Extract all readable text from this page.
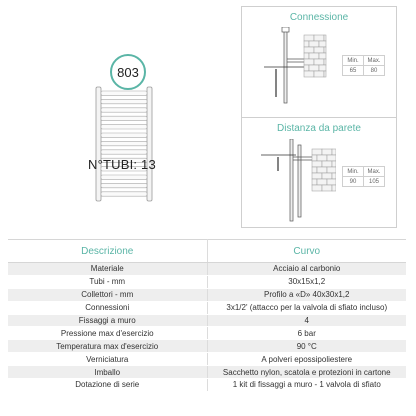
803
N°TUBI: 13
Connessione
Min.	Max.
65	80
Distanza da parete
Min.	Max.
90	105
Descrizione	Curvo
Materiale	Acciaio al carbonio
Tubi - mm	30x15x1,2
Collettori - mm	Profilo a «D» 40x30x1,2
Connessioni	3x1/2' (attacco per la valvola di sfiato incluso)
Fissaggi a muro	4
Pressione max d'esercizio	6 bar
Temperatura max d'esercizio	90 °C
Verniciatura	A polveri epossipoliestere
Imballo	Sacchetto nylon, scatola e protezioni in cartone
Dotazione di serie	1 kit di fissaggi a muro - 1 valvola di sfiato
